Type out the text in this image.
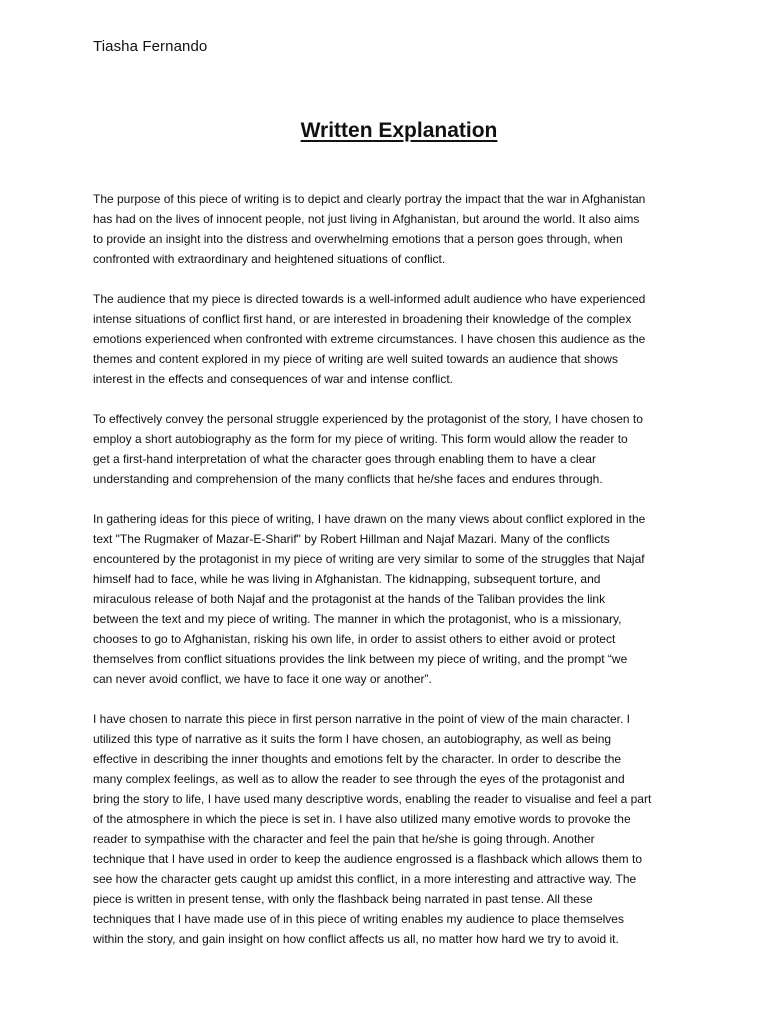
Tiasha Fernando
Written Explanation

The purpose of this piece of writing is to depict and clearly portray the impact that the war in Afghanistan
has had on the lives of innocent people, not just living in Afghanistan, but around the world. It also aims
to provide an insight into the distress and overwhelming emotions that a person goes through, when
confronted with extraordinary and heightened situations of conflict.

The audience that my piece is directed towards is a well-informed adult audience who have experienced
intense situations of conflict first hand, or are interested in broadening their knowledge of the complex
emotions experienced when confronted with extreme circumstances. I have chosen this audience as the
themes and content explored in my piece of writing are well suited towards an audience that shows
interest in the effects and consequences of war and intense conflict.

To effectively convey the personal struggle experienced by the protagonist of the story, I have chosen to
employ a short autobiography as the form for my piece of writing. This form would allow the reader to
get a first-hand interpretation of what the character goes through enabling them to have a clear
understanding and comprehension of the many conflicts that he/she faces and endures through.

In gathering ideas for this piece of writing, I have drawn on the many views about conflict explored in the
text "The Rugmaker of Mazar-E-Sharif" by Robert Hillman and Najaf Mazari. Many of the conflicts
encountered by the protagonist in my piece of writing are very similar to some of the struggles that Najaf
himself had to face, while he was living in Afghanistan. The kidnapping, subsequent torture, and
miraculous release of both Najaf and the protagonist at the hands of the Taliban provides the link
between the text and my piece of writing. The manner in which the protagonist, who is a missionary,
chooses to go to Afghanistan, risking his own life, in order to assist others to either avoid or protect
themselves from conflict situations provides the link between my piece of writing, and the prompt “we
can never avoid conflict, we have to face it one way or another”.

I have chosen to narrate this piece in first person narrative in the point of view of the main character. I
utilized this type of narrative as it suits the form I have chosen, an autobiography, as well as being
effective in describing the inner thoughts and emotions felt by the character. In order to describe the
many complex feelings, as well as to allow the reader to see through the eyes of the protagonist and
bring the story to life, I have used many descriptive words, enabling the reader to visualise and feel a part
of the atmosphere in which the piece is set in. I have also utilized many emotive words to provoke the
reader to sympathise with the character and feel the pain that he/she is going through. Another
technique that I have used in order to keep the audience engrossed is a flashback which allows them to
see how the character gets caught up amidst this conflict, in a more interesting and attractive way. The
piece is written in present tense, with only the flashback being narrated in past tense. All these
techniques that I have made use of in this piece of writing enables my audience to place themselves
within the story, and gain insight on how conflict affects us all, no matter how hard we try to avoid it.
